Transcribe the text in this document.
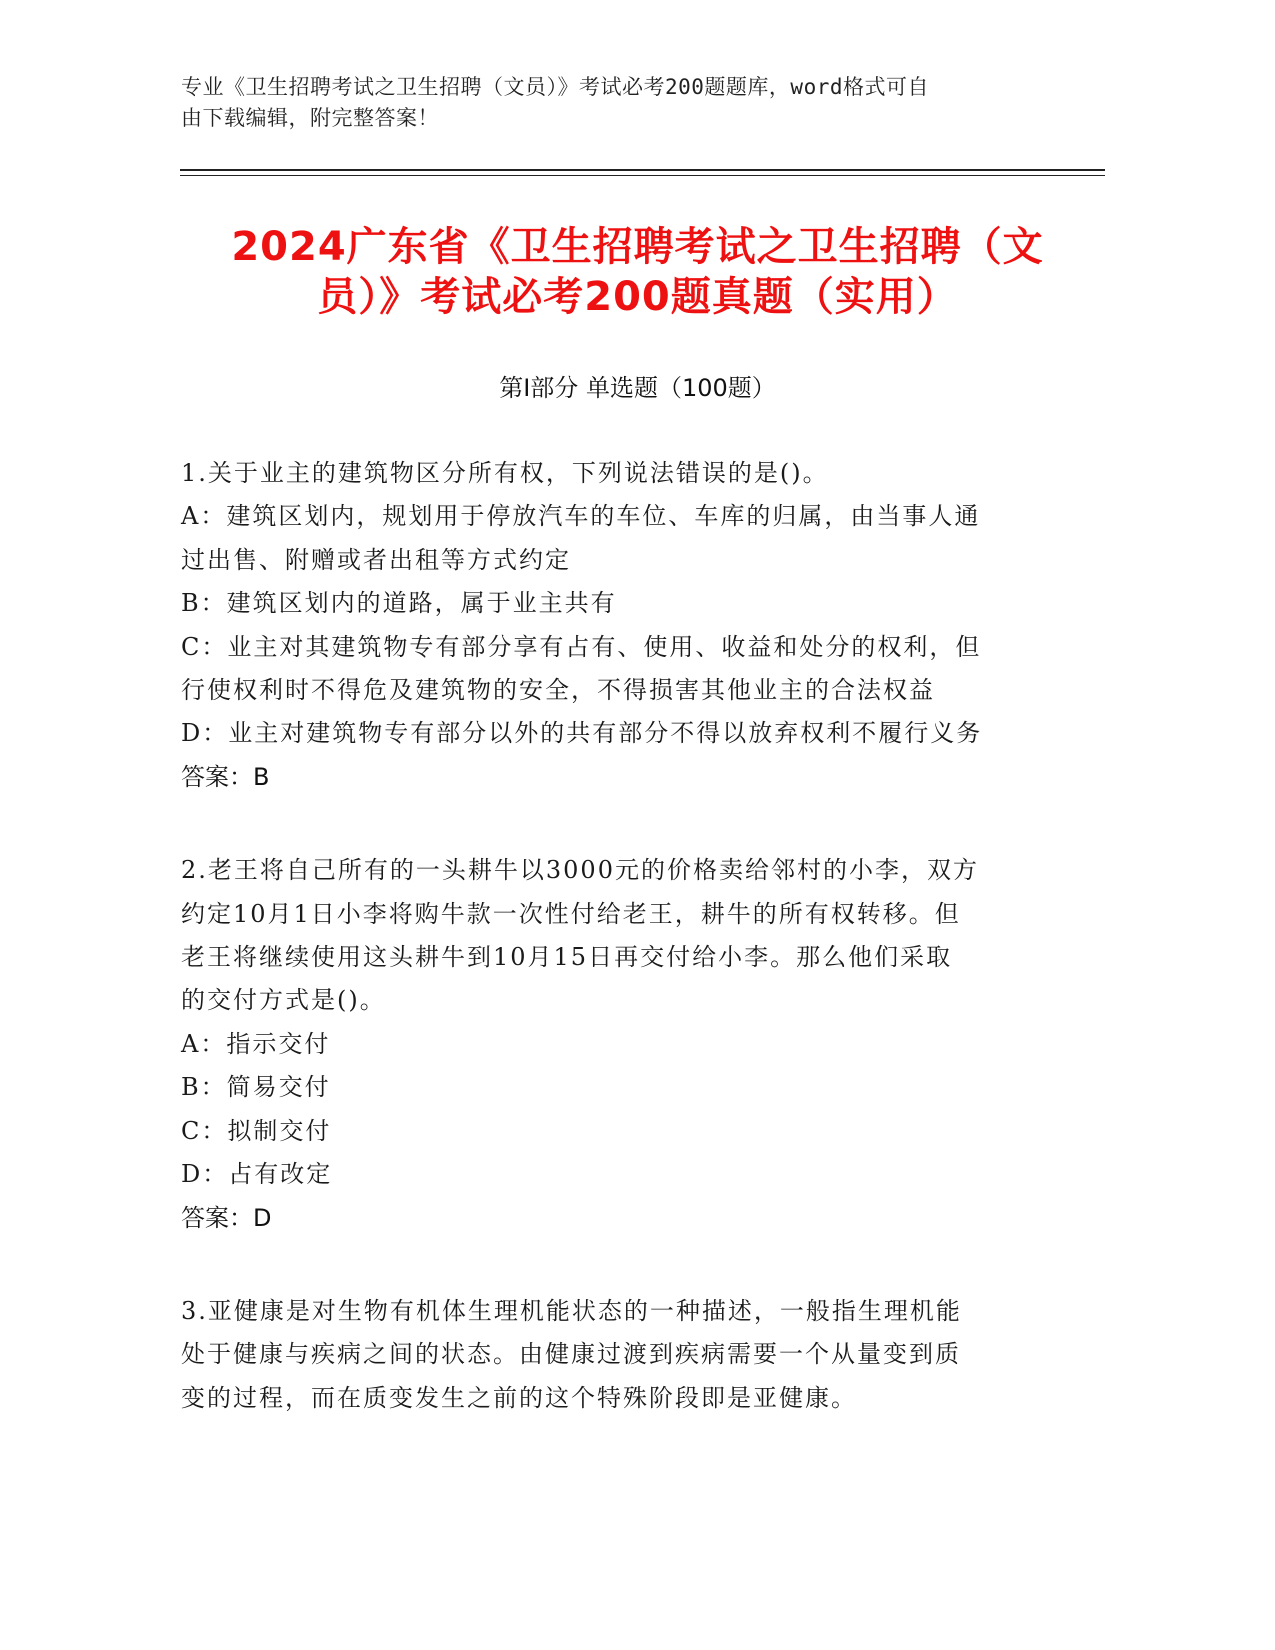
专业《卫生招聘考试之卫生招聘（文员）》考试必考200题题库，word格式可自
由下载编辑，附完整答案！
2024广东省《卫生招聘考试之卫生招聘（文
员）》考试必考200题真题（实用）
第Ⅰ部分 单选题（100题）
1.关于业主的建筑物区分所有权，下列说法错误的是()。
A：建筑区划内，规划用于停放汽车的车位、车库的归属，由当事人通
过出售、附赠或者出租等方式约定
B：建筑区划内的道路，属于业主共有
C：业主对其建筑物专有部分享有占有、使用、收益和处分的权利，但
行使权利时不得危及建筑物的安全，不得损害其他业主的合法权益
D：业主对建筑物专有部分以外的共有部分不得以放弃权利不履行义务
答案：B
2.老王将自己所有的一头耕牛以3000元的价格卖给邻村的小李，双方
约定10月1日小李将购牛款一次性付给老王，耕牛的所有权转移。但
老王将继续使用这头耕牛到10月15日再交付给小李。那么他们采取
的交付方式是()。
A：指示交付
B：简易交付
C：拟制交付
D：占有改定
答案：D
3.亚健康是对生物有机体生理机能状态的一种描述，一般指生理机能
处于健康与疾病之间的状态。由健康过渡到疾病需要一个从量变到质
变的过程，而在质变发生之前的这个特殊阶段即是亚健康。
